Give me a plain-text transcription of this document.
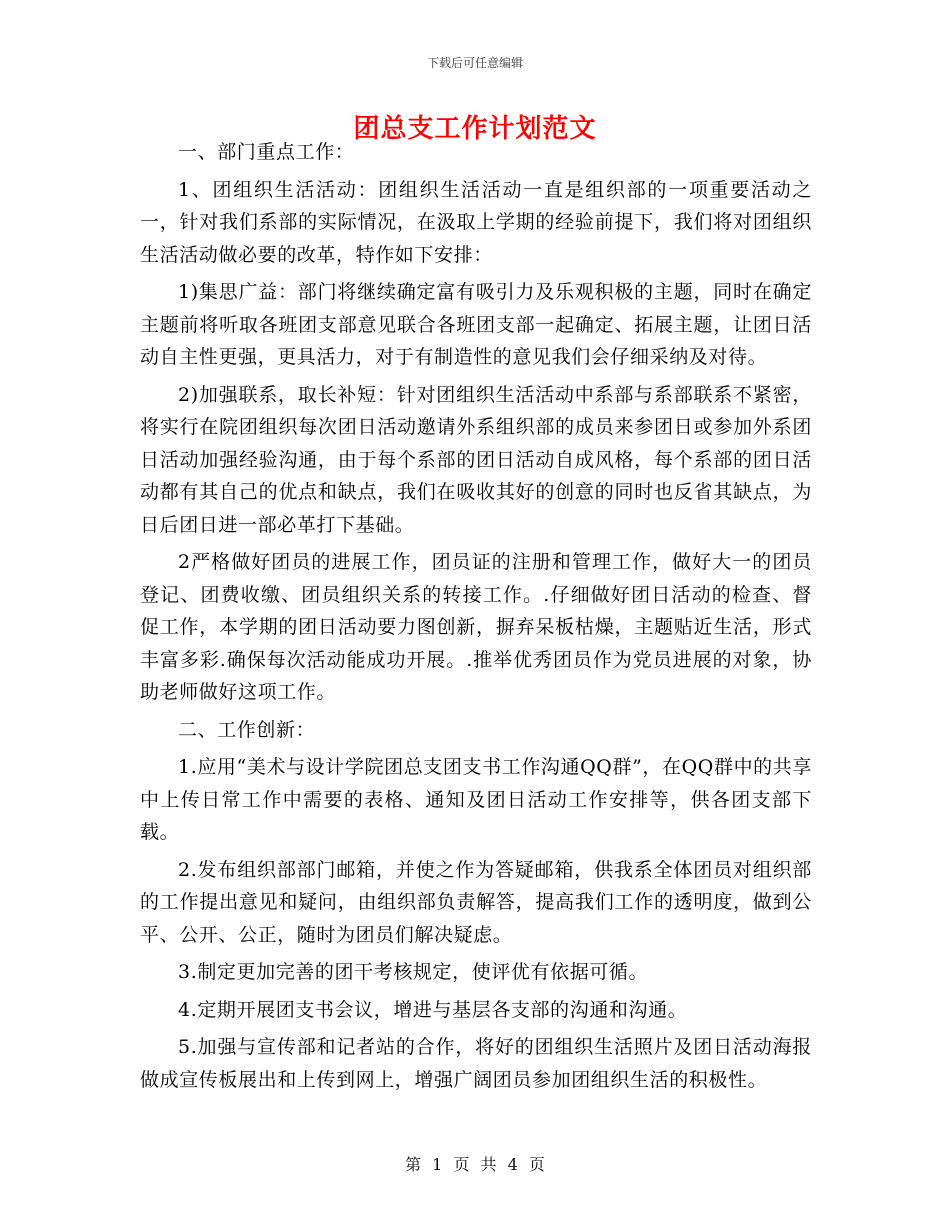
下载后可任意编辑
团总支工作计划范文

一、部门重点工作：

1、团组织生活活动：团组织生活活动一直是组织部的一项重要活动之一，针对我们系部的实际情况，在汲取上学期的经验前提下，我们将对团组织生活活动做必要的改革，特作如下安排：

1)集思广益：部门将继续确定富有吸引力及乐观积极的主题，同时在确定主题前将听取各班团支部意见联合各班团支部一起确定、拓展主题，让团日活动自主性更强，更具活力，对于有制造性的意见我们会仔细采纳及对待。

2)加强联系，取长补短：针对团组织生活活动中系部与系部联系不紧密，将实行在院团组织每次团日活动邀请外系组织部的成员来参团日或参加外系团日活动加强经验沟通，由于每个系部的团日活动自成风格，每个系部的团日活动都有其自己的优点和缺点，我们在吸收其好的创意的同时也反省其缺点，为日后团日进一部必革打下基础。

2严格做好团员的进展工作，团员证的注册和管理工作，做好大一的团员登记、团费收缴、团员组织关系的转接工作。.仔细做好团日活动的检查、督促工作，本学期的团日活动要力图创新，摒弃呆板枯燥，主题贴近生活，形式丰富多彩.确保每次活动能成功开展。.推举优秀团员作为党员进展的对象，协助老师做好这项工作。

二、工作创新：

1.应用“美术与设计学院团总支团支书工作沟通QQ群”，在QQ群中的共享中上传日常工作中需要的表格、通知及团日活动工作安排等，供各团支部下载。

2.发布组织部部门邮箱，并使之作为答疑邮箱，供我系全体团员对组织部的工作提出意见和疑问，由组织部负责解答，提高我们工作的透明度，做到公平、公开、公正，随时为团员们解决疑虑。

3.制定更加完善的团干考核规定，使评优有依据可循。

4.定期开展团支书会议，增进与基层各支部的沟通和沟通。

5.加强与宣传部和记者站的合作，将好的团组织生活照片及团日活动海报做成宣传板展出和上传到网上，增强广阔团员参加团组织生活的积极性。

第 1 页 共 4 页
